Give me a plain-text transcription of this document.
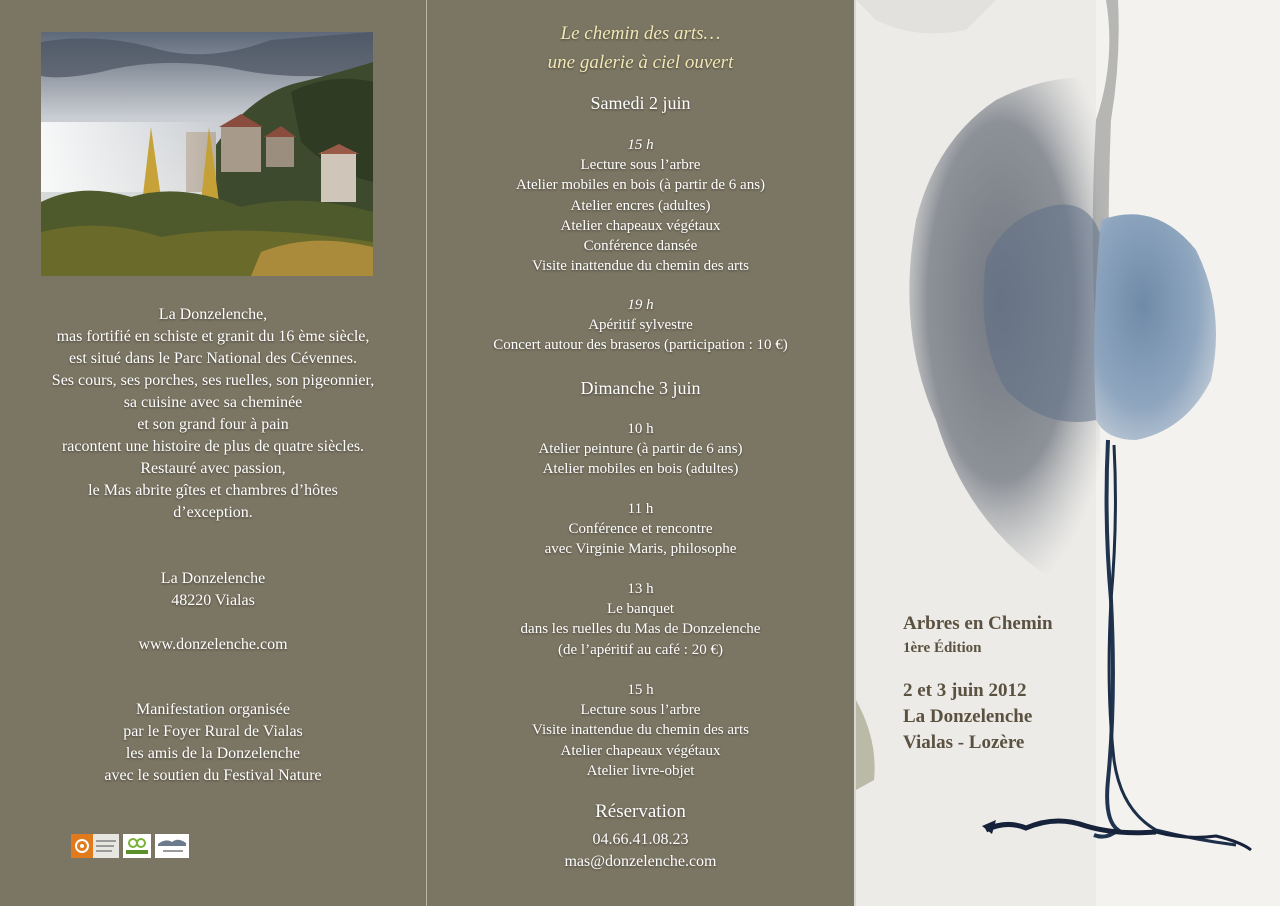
La Donzelenche,
mas fortifié en schiste et granit du 16 ème siècle,
est situé dans le Parc National des Cévennes.
Ses cours, ses porches, ses ruelles, son pigeonnier,
sa cuisine avec sa cheminée
et son grand four à pain
racontent une histoire de plus de quatre siècles.
Restauré avec passion,
le Mas abrite gîtes et chambres d’hôtes
d’exception.
La Donzelenche
48220 Vialas
www.donzelenche.com
Manifestation organisée
par le Foyer Rural de Vialas
les amis de la Donzelenche
avec le soutien du Festival Nature
Le chemin des arts…
une galerie à ciel ouvert
Samedi 2 juin
15 h
Lecture sous l’arbre
Atelier mobiles en bois (à partir de 6 ans)
Atelier encres (adultes)
Atelier chapeaux végétaux
Conférence dansée
Visite inattendue du chemin des arts
19 h
Apéritif sylvestre
Concert autour des braseros (participation : 10 €)
Dimanche 3 juin
10 h
Atelier peinture (à partir de 6 ans)
Atelier mobiles en bois (adultes)
11 h
Conférence et rencontre
avec Virginie Maris, philosophe
13 h
Le banquet
dans les ruelles du Mas de Donzelenche
(de l’apéritif au café : 20 €)
15 h
Lecture sous l’arbre
Visite inattendue du chemin des arts
Atelier chapeaux végétaux
Atelier livre-objet
Réservation
04.66.41.08.23
mas@donzelenche.com
Arbres en Chemin
1ère Édition
2 et 3 juin 2012
La Donzelenche
Vialas - Lozère
